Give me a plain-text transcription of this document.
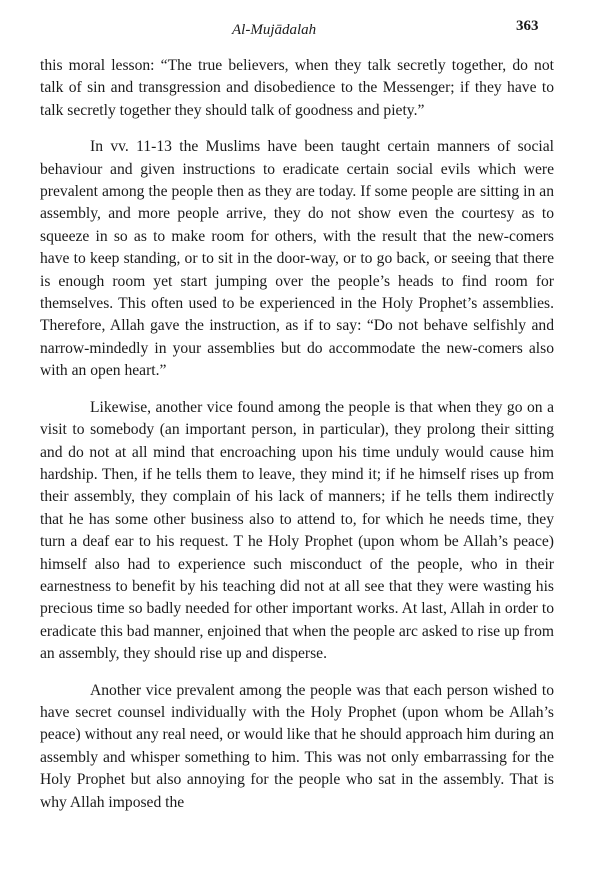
Al-Mujādalah	363

this moral lesson: “The true believers, when they talk secretly together, do not talk of sin and transgression and disobedience to the Messenger; if they have to talk secretly together they should talk of goodness and piety.”

In vv. 11-13 the Muslims have been taught certain manners of social behaviour and given instructions to eradicate certain social evils which were prevalent among the people then as they are today. If some people are sitting in an assembly, and more people arrive, they do not show even the courtesy as to squeeze in so as to make room for others, with the result that the new-comers have to keep standing, or to sit in the door-way, or to go back, or seeing that there is enough room yet start jumping over the people’s heads to find room for themselves. This often used to be experienced in the Holy Prophet’s assemblies. Therefore, Allah gave the instruction, as if to say: “Do not behave selfishly and narrow-mindedly in your assemblies but do accommodate the new-comers also with an open heart.”

Likewise, another vice found among the people is that when they go on a visit to somebody (an important person, in particular), they prolong their sitting and do not at all mind that encroaching upon his time unduly would cause him hardship. Then, if he tells them to leave, they mind it; if he himself rises up from their assembly, they complain of his lack of manners; if he tells them indirectly that he has some other business also to attend to, for which he needs time, they turn a deaf ear to his request. T he Holy Prophet (upon whom be Allah’s peace) himself also had to experience such misconduct of the people, who in their earnestness to benefit by his teaching did not at all see that they were wasting his precious time so badly needed for other important works. At last, Allah in order to eradicate this bad manner, enjoined that when the people arc asked to rise up from an assembly, they should rise up and disperse.

Another vice prevalent among the people was that each person wished to have secret counsel individually with the Holy Prophet (upon whom be Allah’s peace) without any real need, or would like that he should approach him during an assembly and whisper something to him. This was not only embarrassing for the Holy Prophet but also annoying for the people who sat in the assembly. That is why Allah imposed the
